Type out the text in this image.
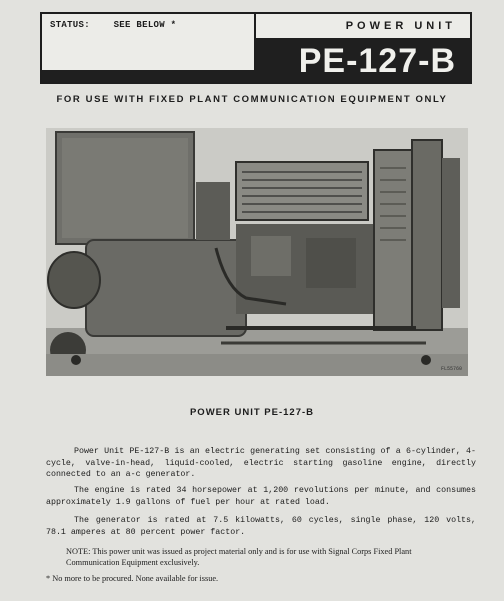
STATUS:	SEE BELOW *	POWER UNIT
PE-127-B
FOR USE WITH FIXED PLANT COMMUNICATION EQUIPMENT ONLY
FL55760
POWER UNIT PE-127-B

Power Unit PE-127-B is an electric generating set consisting of a 6-cylinder, 4-cycle, valve-in-head, liquid-cooled, electric starting gasoline engine, directly connected to an a-c generator.

The engine is rated 34 horsepower at 1,200 revolutions per minute, and consumes approximately 1.9 gallons of fuel per hour at rated load.

The generator is rated at 7.5 kilowatts, 60 cycles, single phase, 120 volts, 78.1 amperes at 80 percent power factor.

NOTE: This power unit was issued as project material only and is for use with Signal Corps Fixed Plant Communication Equipment exclusively.

* No more to be procured. None available for issue.
